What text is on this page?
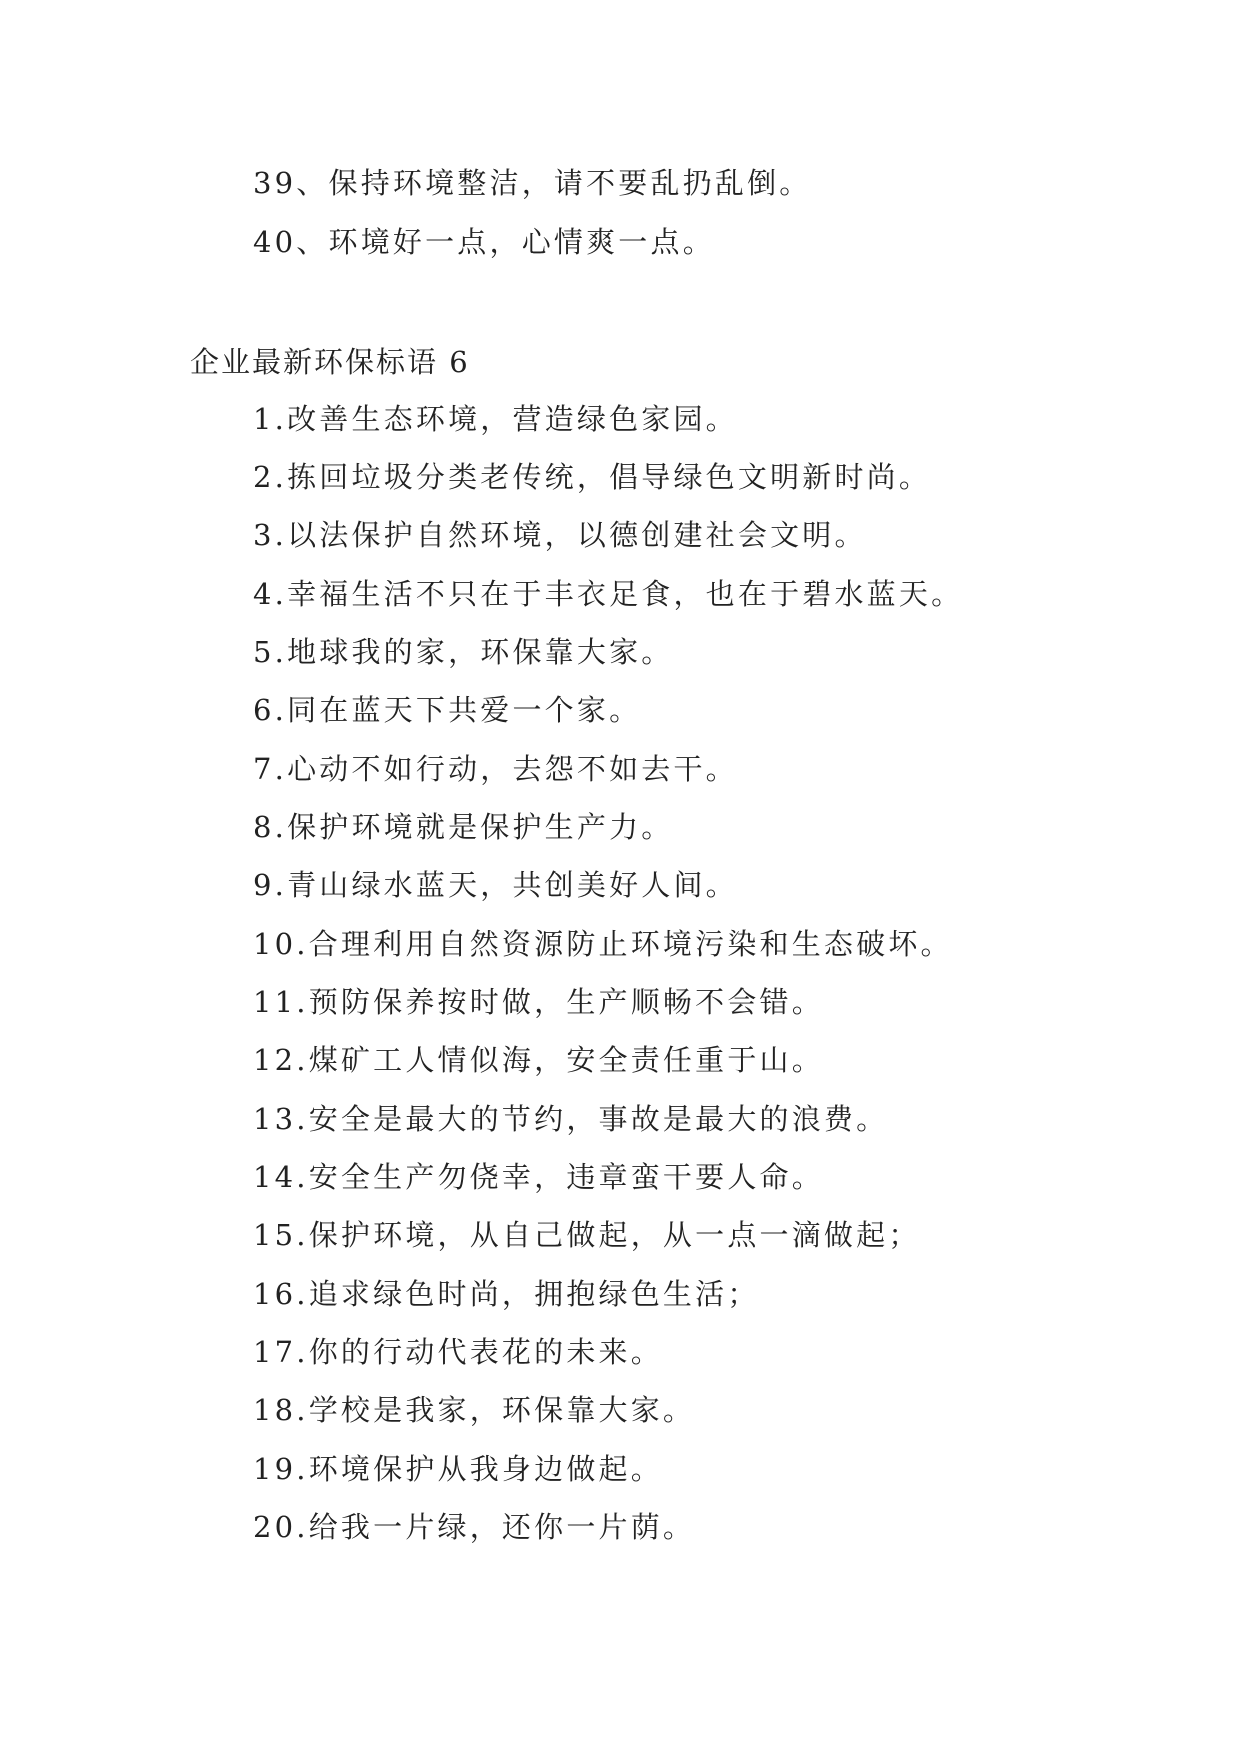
39、保持环境整洁，请不要乱扔乱倒。
40、环境好一点，心情爽一点。
企业最新环保标语 6
1.改善生态环境，营造绿色家园。
2.拣回垃圾分类老传统，倡导绿色文明新时尚。
3.以法保护自然环境，以德创建社会文明。
4.幸福生活不只在于丰衣足食，也在于碧水蓝天。
5.地球我的家，环保靠大家。
6.同在蓝天下共爱一个家。
7.心动不如行动，去怨不如去干。
8.保护环境就是保护生产力。
9.青山绿水蓝天，共创美好人间。
10.合理利用自然资源防止环境污染和生态破坏。
11.预防保养按时做，生产顺畅不会错。
12.煤矿工人情似海，安全责任重于山。
13.安全是最大的节约，事故是最大的浪费。
14.安全生产勿侥幸，违章蛮干要人命。
15.保护环境，从自己做起，从一点一滴做起；
16.追求绿色时尚，拥抱绿色生活；
17.你的行动代表花的未来。
18.学校是我家，环保靠大家。
19.环境保护从我身边做起。
20.给我一片绿，还你一片荫。
